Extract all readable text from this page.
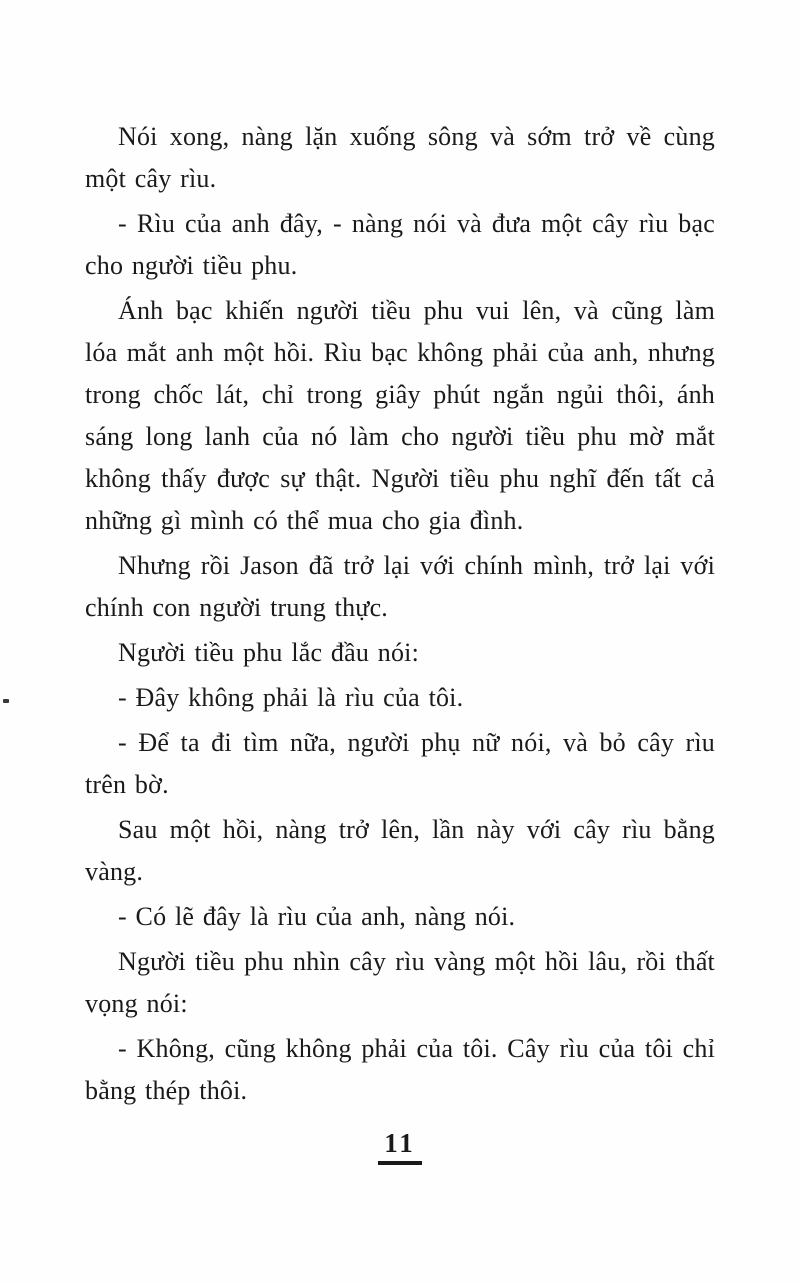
Nói xong, nàng lặn xuống sông và sớm trở về cùng một cây rìu.

- Rìu của anh đây, - nàng nói và đưa một cây rìu bạc cho người tiều phu.

Ánh bạc khiến người tiều phu vui lên, và cũng làm lóa mắt anh một hồi. Rìu bạc không phải của anh, nhưng trong chốc lát, chỉ trong giây phút ngắn ngủi thôi, ánh sáng long lanh của nó làm cho người tiều phu mờ mắt không thấy được sự thật. Người tiều phu nghĩ đến tất cả những gì mình có thể mua cho gia đình.

Nhưng rồi Jason đã trở lại với chính mình, trở lại với chính con người trung thực.

Người tiều phu lắc đầu nói:

- Đây không phải là rìu của tôi.

- Để ta đi tìm nữa, người phụ nữ nói, và bỏ cây rìu trên bờ.

Sau một hồi, nàng trở lên, lần này với cây rìu bằng vàng.

- Có lẽ đây là rìu của anh, nàng nói.

Người tiều phu nhìn cây rìu vàng một hồi lâu, rồi thất vọng nói:

- Không, cũng không phải của tôi. Cây rìu của tôi chỉ bằng thép thôi.

11
